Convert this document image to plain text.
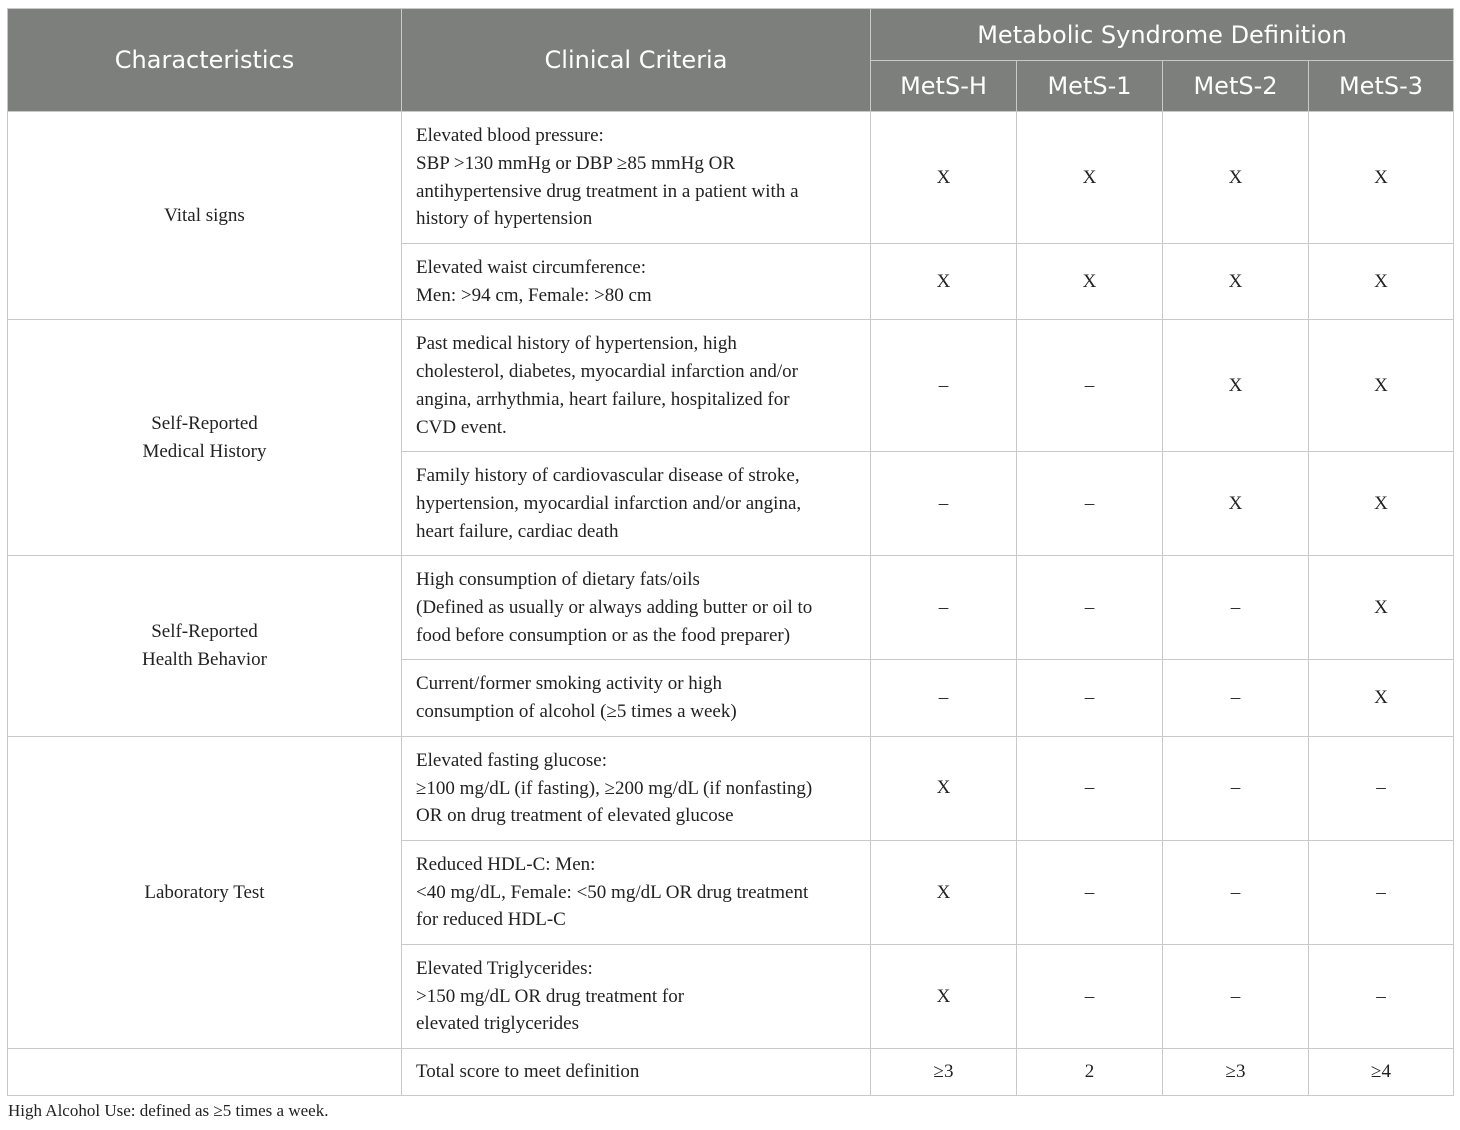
Characteristics	Clinical Criteria	Metabolic Syndrome Definition			
		MetS-H	MetS-1	MetS-2	MetS-3
Vital signs	Elevated blood pressure:
SBP >130 mmHg or DBP ≥85 mmHg OR
antihypertensive drug treatment in a patient with a
history of hypertension	X	X	X	X
	Elevated waist circumference:
Men: >94 cm, Female: >80 cm	X	X	X	X
Self-Reported
Medical History	Past medical history of hypertension, high
cholesterol, diabetes, myocardial infarction and/or
angina, arrhythmia, heart failure, hospitalized for
CVD event.	–	–	X	X
	Family history of cardiovascular disease of stroke,
hypertension, myocardial infarction and/or angina,
heart failure, cardiac death	–	–	X	X
Self-Reported
Health Behavior	High consumption of dietary fats/oils
(Defined as usually or always adding butter or oil to
food before consumption or as the food preparer)	–	–	–	X
	Current/former smoking activity or high
consumption of alcohol (≥5 times a week)	–	–	–	X
Laboratory Test	Elevated fasting glucose:
≥100 mg/dL (if fasting), ≥200 mg/dL (if nonfasting)
OR on drug treatment of elevated glucose	X	–	–	–
	Reduced HDL-C: Men:
<40 mg/dL, Female: <50 mg/dL OR drug treatment
for reduced HDL-C	X	–	–	–
	Elevated Triglycerides:
>150 mg/dL OR drug treatment for
elevated triglycerides	X	–	–	–
	Total score to meet definition	≥3	2	≥3	≥4
High Alcohol Use: defined as ≥5 times a week.
